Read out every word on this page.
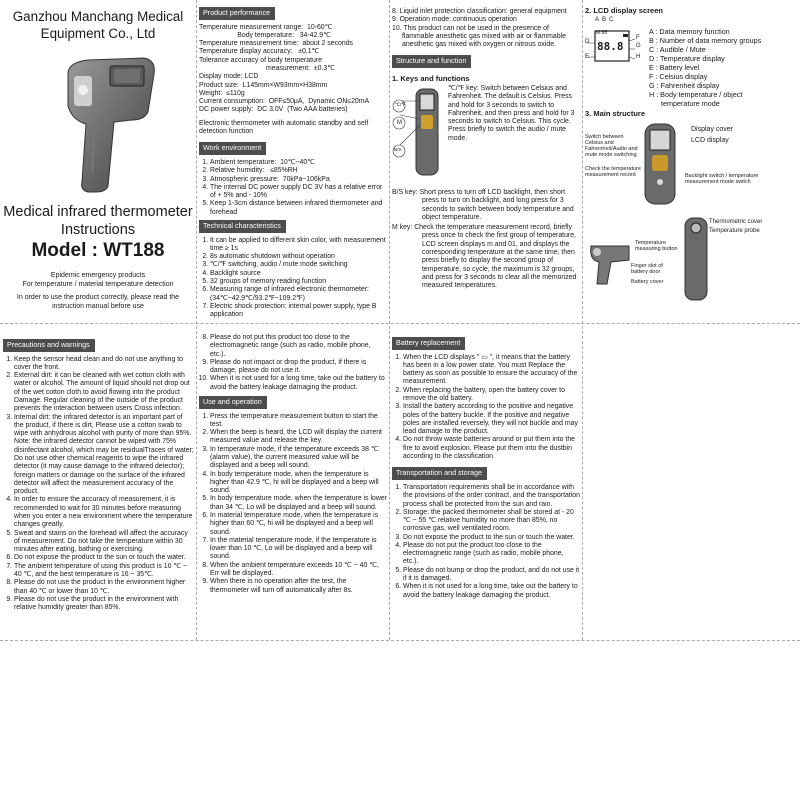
Ganzhou Manchang Medical Equipment Co., Ltd
Medical infrared thermometer
Instructions
Model : WT188
Epidemic emergency products
For temperature / material temperature detection
In order to use the product correctly, please read the instruction manual before use
Product performance
Temperature measurement range:  10-60℃
Body temperature:   34-42.9℃
Temperature measurement time:  about 2 seconds
Temperature display accuracy:   ±0.1℃
Tolerance accuracy of body temperature
measurement:  ±0.3℃
Display mode: LCD
Product size:  L145mm×W93mm×H38mm
Weight:  ≤110g
Current consumption:  OFF≤50μA,  Dynamic ON≤20mA
DC power supply:  DC 3.0V  (Two AAA batteries)

Electronic thermometer with automatic standby and self detection function

Work environment
1. Ambient temperature:  10℃~40℃
2. Relative humidity:   ≤85%RH
3. Atmospheric pressure:  70kPa~106kPa
4. The internal DC power supply DC 3V has a relative error of + 5% and - 10%
5. Keep 1-3cm distance between infrared thermometer and forehead
Technical characteristics
1. It can be applied to different skin color, with measurement time ≥ 1s
2. 8s automatic shutdown without operation
3. ℃/℉ switching, audio / mute mode switching
4. Backlight source
5. 32 groups of memory reading function
6. Measuring range of infrared electronic thermometer:  (34℃~42.9℃/93.2℉~109.2℉)
7. Electric shock protection: internal power supply, type B application
8. Liquid inlet protection classification: general equipment
9. Operation mode: continuous operation
10. This product can not be used in the presence of flammable anesthetic gas mixed with air or flammable anesthetic gas mixed with oxygen or nitrous oxide.
Structure and function
1. Keys and functions
℃/℉
M
B/S

℃/℉ key: Switch between Celsius and Fahrenheit. The default is Celsius. Press and hold for 3 seconds to switch to Fahrenheit, and then press and hold for 3 seconds to switch to Celsius. This cycle. Press briefly to switch the audio / mute mode.

B/S key: Short press to turn off LCD backlight, then short press to turn on backlight, and long press for 3 seconds to switch between body temperature and object temperature.

M key: Check the temperature measurement record, briefly press once to check the first group of temperature, LCD screen displays m and 01, and displays the corresponding temperature at the same time, then press briefly to display the second group of temperature, so cycle, the maximum is 32 groups, and press for 3 seconds to clear all the memorized measured temperatures.

2. LCD display screen
M:88
88.8
A B C
D
E
F
G
H
A : Data memory function
B : Number of data memory groups
C : Audible / Mute
D : Temperature display
E : Battery level
F : Celsius display
G : Fahrenheit display
H : Body temperature / object
temperature mode
3. Main structure
Display cover
LCD display
Switch between Celsius and Fahrenheit/Audio and mute mode switching
Check the temperature measurement record	Backlight switch / temperature measurement mode switch
Thermometric cover
Temperature probe
Temperature measuring button
Finger slot of battery door
Battery cover
Precautions and warnings
1. Keep the sensor head clean and do not use anything to cover the front.
2. External dirt: it can be cleaned with wet cotton cloth with water or alcohol. The amount of liquid should not drop out of the wet cotton cloth to avoid flowing into the product Damage. Regular cleaning of the outside of the product prevents the interaction between users Cross infection.
3. Internal dirt: the infrared detector is an important part of the product, if there is dirt, Please use a cotton swab to wipe with anhydrous alcohol with purity of more than 95%.
Note: the infrared detector cannot be wiped with 75% disinfectant alcohol, which may be residualTraces of water;
Do not use other chemical reagents to wipe the infrared detector (it may cause damage to the infrared detector); foreign matters or damage on the surface of the infrared detector will affect the measurement accuracy of the product.
4. In order to ensure the accuracy of measurement, it is recommended to wait for 30 minutes before measuring when you enter a new environment where the temperature changes greatly.
5. Sweat and stains on the forehead will affect the accuracy of measurement. Do not take the temperature within 30 minutes after eating, bathing or exercising.
6. Do not expose the product to the sun or touch the water.
7. The ambient temperature of using this product is 10 ℃ ~ 40 ℃, and the best temperature is 16 ~ 35℃.
8. Please do not use the product in the environment higher than 40 ℃ or lower than 10 ℃.
9. Please do not use the product in the environment with relative humidity greater than 85%.
8. Please do not put this product too close to the electromagnetic range (such as radio, mobile phone, etc.).
9. Please do not impact or drop the product, if there is damage, please do not use it.
10. When it is not used for a long time, take out the battery to avoid the battery leakage damaging the product.
Use and operation
1. Press the temperature measurement button to start the test.
2. When the beep is heard, the LCD will display the current measured value and release the key.
3. In temperature mode, if the temperature exceeds 38 ℃ (alarm value), the current measured value will be displayed and a beep will sound.
4. In body temperature mode, when the temperature is higher than 42.9 ℃, hi will be displayed and a beep will sound.
5. In body temperature mode, when the temperature is lower than 34 ℃, Lo will be displayed and a beep will sound.
6. In material temperature mode, when the temperature is higher than 60 ℃, hi will be displayed and a beep will sound.
7. In the material temperature mode, if the temperature is lower than 10 ℃, Lo will be displayed and a beep will sound.
8. When the ambient temperature exceeds 10 ℃ ~ 40 ℃, Err will be displayed.
9. When there is no operation after the test, the thermometer will turn off automatically after 8s.
Battery replacement
1. When the LCD displays " ▭ ", it means that the battery has been in a low power state. You must Replace the battery as soon as possible to ensure the accuracy of the measurement.
2. When replacing the battery, open the battery cover to remove the old battery.
3. Install the battery according to the positive and negative poles of the battery buckle. If the positive and negative poles are installed reversely, they will not buckle and may lead damage to the product.
4. Do not throw waste batteries around or put them into the fire to avoid explosion. Please put them into the dustbin according to the classification.
Transportation and storage
1. Transportation requirements shall be in accordance with the provisions of the order contract, and the transportation process shall be protected from the sun and rain.
2. Storage: the packed thermometer shall be stored at - 20 ℃ ~ 55 ℃ relative humidity no more than 85%, no corrosive gas, well ventilated room.
3. Do not expose the product to the sun or touch the water.
4. Please do not put the product too close to the electromagnetic range (such as radio, mobile phone, etc.).
5. Please do not bump or drop the product, and do not use it if it is damaged.
6. When it is not used for a long time, take out the battery to avoid the battery leakage damaging the product.
